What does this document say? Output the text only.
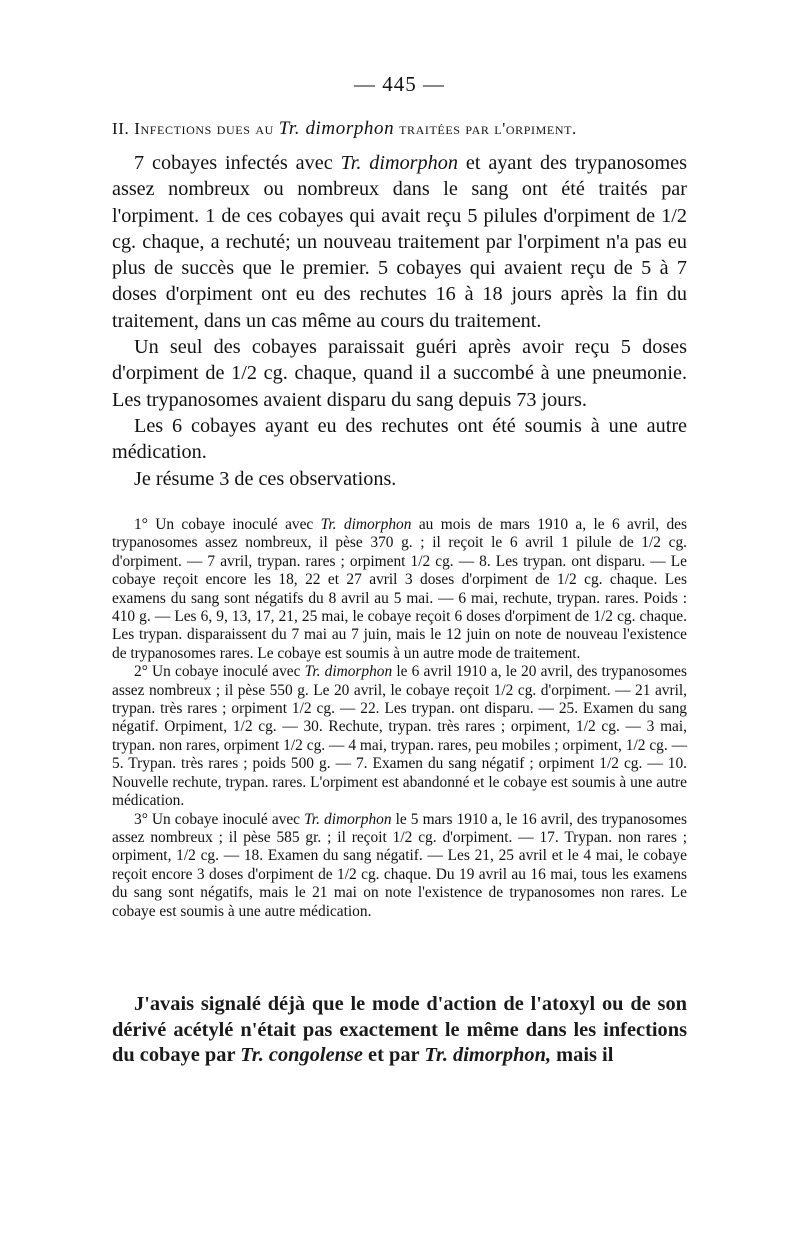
— 445 —
II. Infections dues au Tr. dimorphon traitées par l'orpiment.

7 cobayes infectés avec Tr. dimorphon et ayant des trypanosomes assez nombreux ou nombreux dans le sang ont été traités par l'orpiment. 1 de ces cobayes qui avait reçu 5 pilules d'orpiment de 1/2 cg. chaque, a rechuté; un nouveau traitement par l'orpiment n'a pas eu plus de succès que le premier. 5 cobayes qui avaient reçu de 5 à 7 doses d'orpiment ont eu des rechutes 16 à 18 jours après la fin du traitement, dans un cas même au cours du traitement.

Un seul des cobayes paraissait guéri après avoir reçu 5 doses d'orpiment de 1/2 cg. chaque, quand il a succombé à une pneumonie. Les trypanosomes avaient disparu du sang depuis 73 jours.

Les 6 cobayes ayant eu des rechutes ont été soumis à une autre médication.

Je résume 3 de ces observations.

1° Un cobaye inoculé avec Tr. dimorphon au mois de mars 1910 a, le 6 avril, des trypanosomes assez nombreux, il pèse 370 g. ; il reçoit le 6 avril 1 pilule de 1/2 cg. d'orpiment. — 7 avril, trypan. rares ; orpiment 1/2 cg. — 8. Les trypan. ont disparu. — Le cobaye reçoit encore les 18, 22 et 27 avril 3 doses d'orpiment de 1/2 cg. chaque. Les examens du sang sont négatifs du 8 avril au 5 mai. — 6 mai, rechute, trypan. rares. Poids : 410 g. — Les 6, 9, 13, 17, 21, 25 mai, le cobaye reçoit 6 doses d'orpiment de 1/2 cg. chaque. Les trypan. disparaissent du 7 mai au 7 juin, mais le 12 juin on note de nouveau l'existence de trypanosomes rares. Le cobaye est soumis à un autre mode de traitement.

2° Un cobaye inoculé avec Tr. dimorphon le 6 avril 1910 a, le 20 avril, des trypanosomes assez nombreux ; il pèse 550 g. Le 20 avril, le cobaye reçoit 1/2 cg. d'orpiment. — 21 avril, trypan. très rares ; orpiment 1/2 cg. — 22. Les trypan. ont disparu. — 25. Examen du sang négatif. Orpiment, 1/2 cg. — 30. Rechute, trypan. très rares ; orpiment, 1/2 cg. — 3 mai, trypan. non rares, orpiment 1/2 cg. — 4 mai, trypan. rares, peu mobiles ; orpiment, 1/2 cg. — 5. Trypan. très rares ; poids 500 g. — 7. Examen du sang négatif ; orpiment 1/2 cg. — 10. Nouvelle rechute, trypan. rares. L'orpiment est abandonné et le cobaye est soumis à une autre médication.

3° Un cobaye inoculé avec Tr. dimorphon le 5 mars 1910 a, le 16 avril, des trypanosomes assez nombreux ; il pèse 585 gr. ; il reçoit 1/2 cg. d'orpiment. — 17. Trypan. non rares ; orpiment, 1/2 cg. — 18. Examen du sang négatif. — Les 21, 25 avril et le 4 mai, le cobaye reçoit encore 3 doses d'orpiment de 1/2 cg. chaque. Du 19 avril au 16 mai, tous les examens du sang sont négatifs, mais le 21 mai on note l'existence de trypanosomes non rares. Le cobaye est soumis à une autre médication.

J'avais signalé déjà que le mode d'action de l'atoxyl ou de son dérivé acétylé n'était pas exactement le même dans les infections du cobaye par Tr. congolense et par Tr. dimorphon, mais il
